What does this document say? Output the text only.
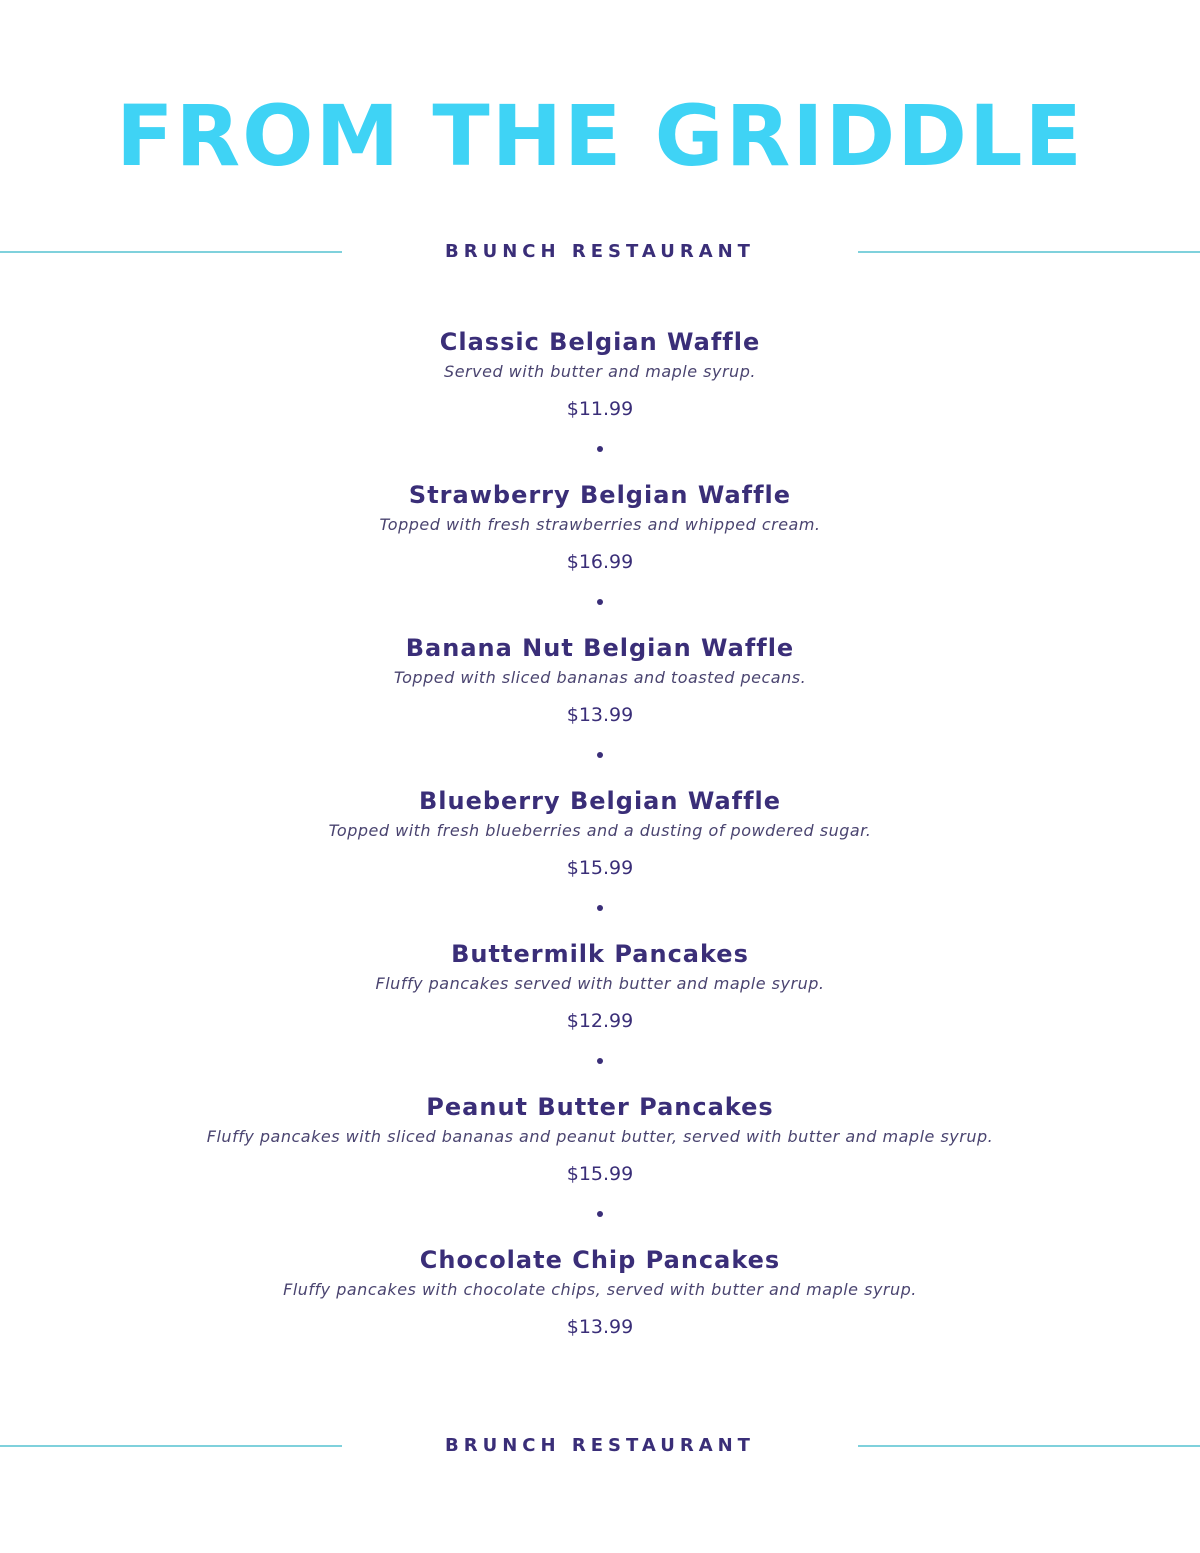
FROM THE GRIDDLE
BRUNCH RESTAURANT
Classic Belgian Waffle
Served with butter and maple syrup.
$11.99
Strawberry Belgian Waffle
Topped with fresh strawberries and whipped cream.
$16.99
Banana Nut Belgian Waffle
Topped with sliced bananas and toasted pecans.
$13.99
Blueberry Belgian Waffle
Topped with fresh blueberries and a dusting of powdered sugar.
$15.99
Buttermilk Pancakes
Fluffy pancakes served with butter and maple syrup.
$12.99
Peanut Butter Pancakes
Fluffy pancakes with sliced bananas and peanut butter, served with butter and maple syrup.
$15.99
Chocolate Chip Pancakes
Fluffy pancakes with chocolate chips, served with butter and maple syrup.
$13.99
BRUNCH RESTAURANT
